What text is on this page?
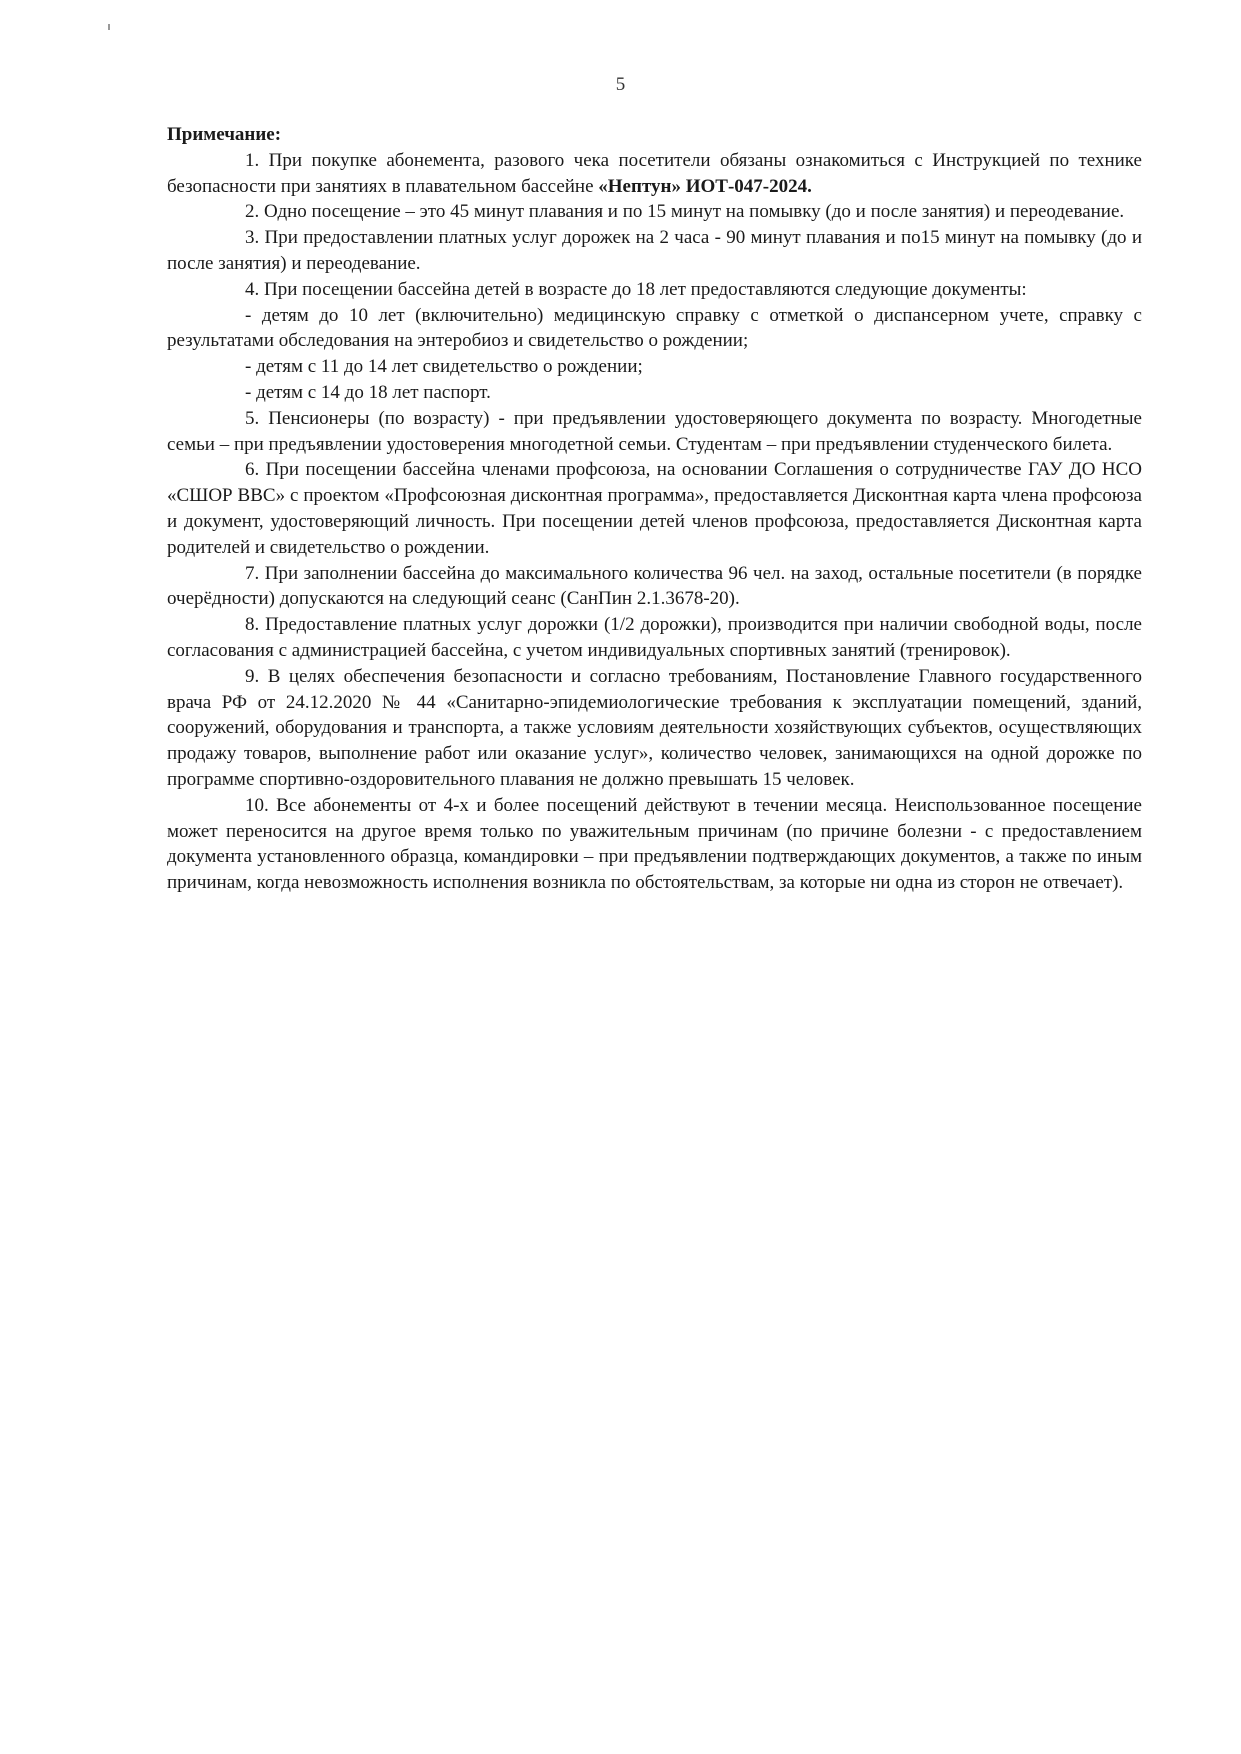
5

Примечание:

1. При покупке абонемента, разового чека посетители обязаны ознакомиться с Инструкцией по технике безопасности при занятиях в плавательном бассейне «Нептун» ИОТ-047-2024.

2. Одно посещение – это 45 минут плавания и по 15 минут на помывку (до и после занятия) и переодевание.

3. При предоставлении платных услуг дорожек на 2 часа - 90 минут плавания и по15 минут на помывку (до и после занятия) и переодевание.

4. При посещении бассейна детей в возрасте до 18 лет предоставляются следующие документы:

- детям до 10 лет (включительно) медицинскую справку с отметкой о диспансерном учете, справку с результатами обследования на энтеробиоз и свидетельство о рождении;

- детям с 11 до 14 лет свидетельство о рождении;

- детям с 14 до 18 лет паспорт.

5. Пенсионеры (по возрасту) - при предъявлении удостоверяющего документа по возрасту. Многодетные семьи – при предъявлении удостоверения многодетной семьи. Студентам – при предъявлении студенческого билета.

6. При посещении бассейна членами профсоюза, на основании Соглашения о сотрудничестве ГАУ ДО НСО «СШОР ВВС» с проектом «Профсоюзная дисконтная программа», предоставляется Дисконтная карта члена профсоюза и документ, удостоверяющий личность. При посещении детей членов профсоюза, предоставляется Дисконтная карта родителей и свидетельство о рождении.

7. При заполнении бассейна до максимального количества 96 чел. на заход, остальные посетители (в порядке очерёдности) допускаются на следующий сеанс (СанПин 2.1.3678-20).

8. Предоставление платных услуг дорожки (1/2 дорожки), производится при наличии свободной воды, после согласования с администрацией бассейна, с учетом индивидуальных спортивных занятий (тренировок).

9. В целях обеспечения безопасности и согласно требованиям, Постановление Главного государственного врача РФ от 24.12.2020 № 44 «Санитарно-эпидемиологические требования к эксплуатации помещений, зданий, сооружений, оборудования и транспорта, а также условиям деятельности хозяйствующих субъектов, осуществляющих продажу товаров, выполнение работ или оказание услуг», количество человек, занимающихся на одной дорожке по программе спортивно-оздоровительного плавания не должно превышать 15 человек.

10. Все абонементы от 4-х и более посещений действуют в течении месяца. Неиспользованное посещение может переносится на другое время только по уважительным причинам (по причине болезни - с предоставлением документа установленного образца, командировки – при предъявлении подтверждающих документов, а также по иным причинам, когда невозможность исполнения возникла по обстоятельствам, за которые ни одна из сторон не отвечает).
